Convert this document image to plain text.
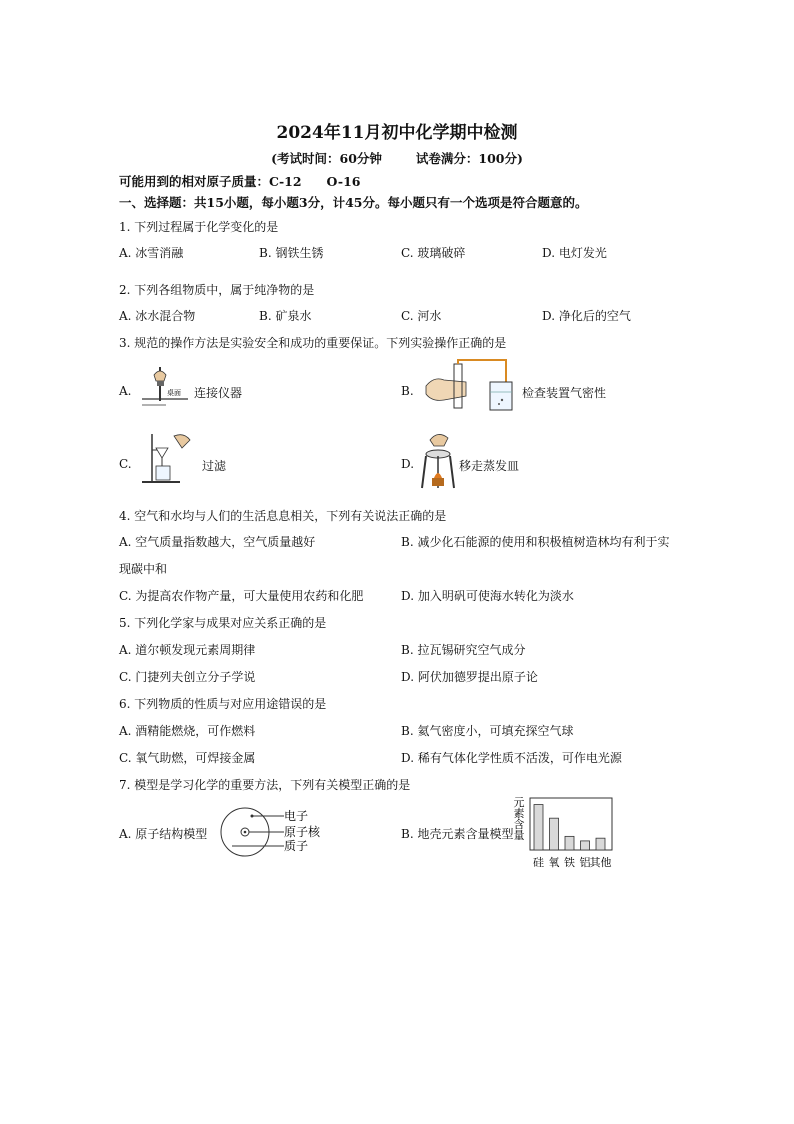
2024年11月初中化学期中检测
(考试时间：60分钟	试卷满分：100分)
可能用到的相对原子质量：C-12　　O-16
一、选择题：共15小题，每小题3分，计45分。每小题只有一个选项是符合题意的。
1. 下列过程属于化学变化的是
A. 冰雪消融	B. 钢铁生锈	C. 玻璃破碎	D. 电灯发光
2. 下列各组物质中，属于纯净物的是
A. 冰水混合物	B. 矿泉水	C. 河水	D. 净化后的空气
3. 规范的操作方法是实验安全和成功的重要保证。下列实验操作正确的是
A.	桌面 连接仪器	B.	检查装置气密性
C.	过滤	D.	移走蒸发皿
4. 空气和水均与人们的生活息息相关，下列有关说法正确的是
A. 空气质量指数越大，空气质量越好	B. 减少化石能源的使用和积极植树造林均有利于实
现碳中和
C. 为提高农作物产量，可大量使用农药和化肥	D. 加入明矾可使海水转化为淡水
5. 下列化学家与成果对应关系正确的是
A. 道尔顿发现元素周期律	B. 拉瓦锡研究空气成分
C. 门捷列夫创立分子学说	D. 阿伏加德罗提出原子论
6. 下列物质的性质与对应用途错误的是
A. 酒精能燃烧，可作燃料	B. 氦气密度小，可填充探空气球
C. 氧气助燃，可焊接金属	D. 稀有气体化学性质不活泼，可作电光源
7. 模型是学习化学的重要方法，下列有关模型正确的是
A. 原子结构模型
电子
原子核
质子
B. 地壳元素含量模型
元素含量
硅 氧 铁 铝 其他
